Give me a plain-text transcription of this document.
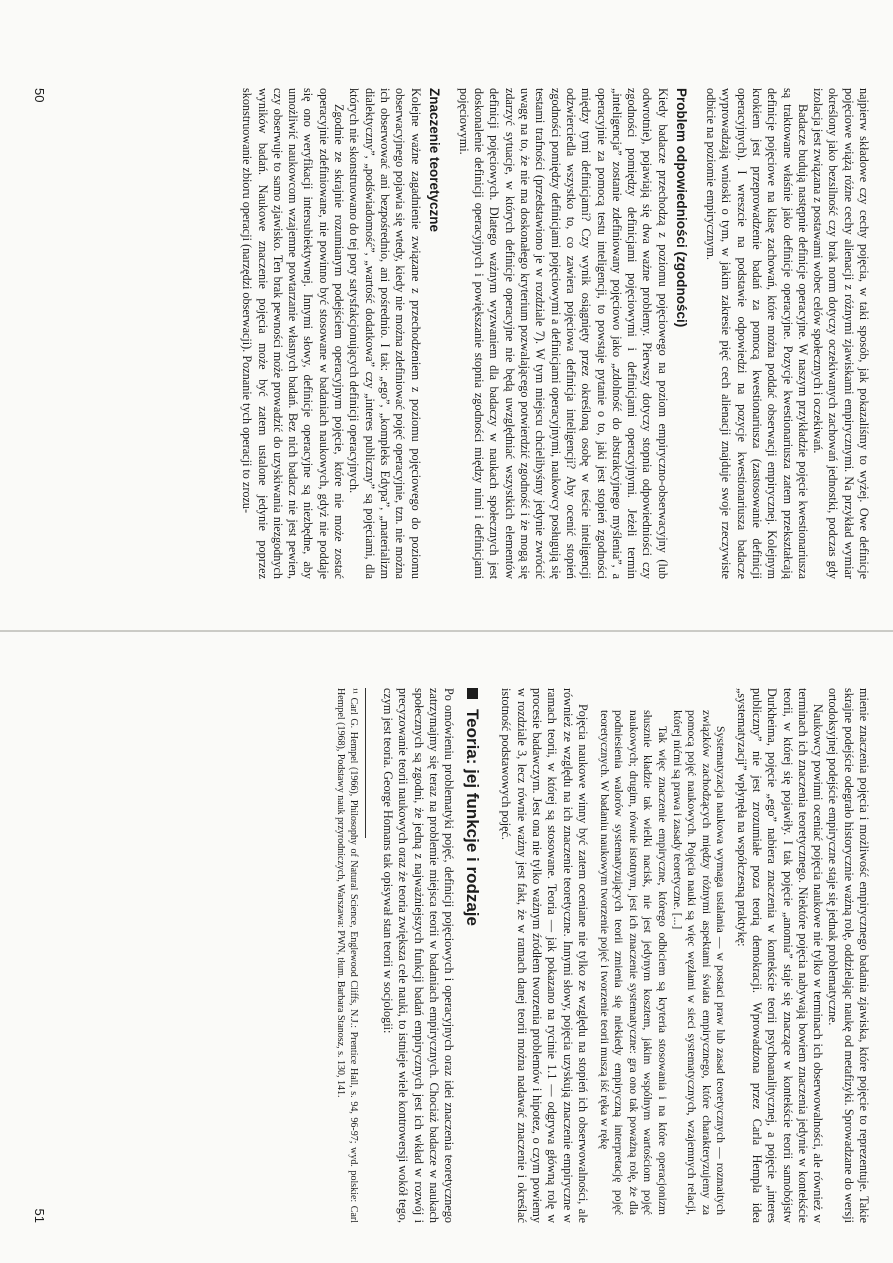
najpierw składowe czy cechy pojęcia, w taki sposób, jak pokazaliśmy to wyżej. Owe definicje pojęciowe wiążą różne cechy alienacji z różnymi zjawiskami empirycznymi. Na przykład wymiar określony jako bezsilność czy brak norm dotyczy oczekiwanych zachowań jednostki, podczas gdy izolacja jest związana z postawami wobec celów społecznych i oczekiwań.

Badacze budują następnie definicje operacyjne. W naszym przykładzie pojęcie kwestionariusza są traktowane właśnie jako definicje operacyjne. Pozycje kwestionariusza zatem przekształcają definicje pojęciowe na klasę zachowań, które można poddać obserwacji empirycznej. Kolejnym krokiem jest przeprowadzenie badań za pomocą kwestionariusza (zastosowanie definicji operacyjnych). I wreszcie na podstawie odpowiedzi na pozycje kwestionariusza badacze wyprowadzają wnioski o tym, w jakim zakresie pięć cech alienacji znajduje swoje rzeczywiste odbicie na poziomie empirycznym.

Problem odpowiedniości (zgodności)

Kiedy badacze przechodzą z poziomu pojęciowego na poziom empiryczno-obserwacyjny (lub odwrotnie), pojawiają się dwa ważne problemy. Pierwszy dotyczy stopnia odpowiedniości czy zgodności pomiędzy definicjami pojęciowymi i definicjami operacyjnymi. Jeżeli termin „inteligencja” zostanie zdefiniowany pojęciowo jako „zdolność do abstrakcyjnego myślenia”, a operacyjnie za pomocą testu inteligencji, to powstaje pytanie o to, jaki jest stopień zgodności między tymi definicjami? Czy wynik osiągnięty przez określoną osobę w teście inteligencji odzwierciedla wszystko to, co zawiera pojęciowa definicja inteligencji? Aby ocenić stopień zgodności pomiędzy definicjami pojęciowymi a definicjami operacyjnymi, naukowcy posługują się testami trafności (przedstawiono je w rozdziale 7). W tym miejscu chcielibyśmy jedynie zwrócić uwagę na to, że nie ma doskonałego kryterium pozwalającego potwierdzić zgodność i że mogą się zdarzyć sytuacje, w których definicje operacyjne nie będą uwzględniać wszystkich elementów definicji pojęciowych. Dlatego ważnym wyzwaniem dla badaczy w naukach społecznych jest doskonalenie definicji operacyjnych i powiększanie stopnia zgodności między nimi i definicjami pojęciowymi.

Znaczenie teoretyczne

Kolejne ważne zagadnienie związane z przechodzeniem z poziomu pojęciowego do poziomu obserwacyjnego pojawia się wtedy, kiedy nie można zdefiniować pojęć operacyjnie, tzn. nie można ich obserwować ani bezpośrednio, ani pośrednio. I tak: „ego”, „kompleks Edypa”, „materializm dialektyczny”, „podświadomość”, „wartość dodatkowa” czy „interes publiczny” są pojęciami, dla których nie skonstruowano do tej pory satysfakcjonujących definicji operacyjnych.

Zgodnie ze skrajnie rozumianym podejściem operacyjnym pojęcie, które nie może zostać operacyjnie zdefiniowane, nie powinno być stosowane w badaniach naukowych, gdyż nie poddaje się ono weryfikacji intersubiektywnej. Innymi słowy, definicje operacyjne są niezbędne, aby umożliwić naukowcom wzajemne powtarzanie własnych badań. Bez nich badacz nie jest pewien, czy obserwuje to samo zjawisko. Ten brak pewności może prowadzić do uzyskiwania niezgodnych wyników badań. Naukowe znaczenie pojęcia może być zatem ustalone jedynie poprzez skonstruowanie zbioru operacji (narzędzi obserwacji). Poznanie tych operacji to zrozu-

50

mienie znaczenia pojęcia i możliwość empirycznego badania zjawiska, które pojęcie to reprezentuje. Takie skrajne podejście odegrało historycznie ważną rolę, oddzielając naukę od metafizyki. Sprowadzane do wersji ortodoksyjnej podejście empiryczne staje się jednak problematyczne.

Naukowcy powinni oceniać pojęcia naukowe nie tylko w terminach ich obserwowalności, ale również w terminach ich znaczenia teoretycznego. Niektóre pojęcia nabywają bowiem znaczenia jedynie w kontekście teorii, w której się pojawiły. I tak pojęcie „anomia” staje się znaczące w kontekście teorii samobójstw Durkheima, pojęcie „ego” nabiera znaczenia w kontekście teorii psychoanalitycznej, a pojęcie „interes publiczny” nie jest zrozumiałe poza teorią demokracji. Wprowadzona przez Carla Hempla idea „systematyzacji” wpłynęła na współczesną praktykę:

Systematyzacja naukowa wymaga ustalania — w postaci praw lub zasad teoretycznych — rozmaitych związków zachodzących między różnymi aspektami świata empirycznego, które charakteryzujemy za pomocą pojęć naukowych. Pojęcia nauki są więc węzłami w sieci systematycznych, wzajemnych relacji, której nićmi są prawa i zasady teoretyczne. [...]

Tak więc znaczenie empiryczne, którego odbiciem są kryteria stosowania i na które operacjonizm słusznie kładzie tak wielki nacisk, nie jest jedynym kosztem, jakim wspólnym wartościom pojęć naukowych; drugim, równie istotnym, jest ich znaczenie systematyczne: gra ono tak poważną rolę, że dla podniesienia walorów systematyzujących teorii zmienia się niekiedy empiryczną interpretację pojęć teoretycznych. W badaniu naukowym tworzenie pojęć i tworzenie teorii muszą iść ręka w rękę

Pojęcia naukowe winny być zatem oceniane nie tylko ze względu na stopień ich obserwowalności, ale również ze względu na ich znaczenie teoretyczne. Innymi słowy, pojęcia uzyskują znaczenie empiryczne w ramach teorii, w której są stosowane. Teoria — jak pokazano na rycinie 1.1 — odgrywa główną rolę w procesie badawczym. Jest ona nie tylko ważnym źródłem tworzenia problemów i hipotez, o czym powiemy w rozdziale 3, lecz równie ważny jest fakt, że w ramach danej teorii można nadawać znaczenie i określać istotność podstawowych pojęć.

Teoria: jej funkcje i rodzaje

Po omówieniu problematyki pojęć, definicji pojęciowych i operacyjnych oraz idei znaczenia teoretycznego zatrzymajmy się teraz na problemie miejsca teorii w badaniach empirycznych. Chociaż badacze w naukach społecznych są zgodni, że jedną z najważniejszych funkcji badań empirycznych jest ich wkład w rozwój i precyzowanie teorii naukowych oraz że teoria zwiększa cele nauki, to istnieje wiele kontrowersji wokół tego, czym jest teoria. George Homans tak opisywał stan teorii w socjologii:

¹¹ Carl G. Hempel (1966), Philosophy of Natural Science, Englewood Cliffs, N.J.: Prentice Hall, s. 94, 96-97; wyd. polskie: Carl Hempel (1968), Podstawy nauk przyrodniczych, Warszawa: PWN, tłum. Barbara Stanosz, s. 130, 141.
51
